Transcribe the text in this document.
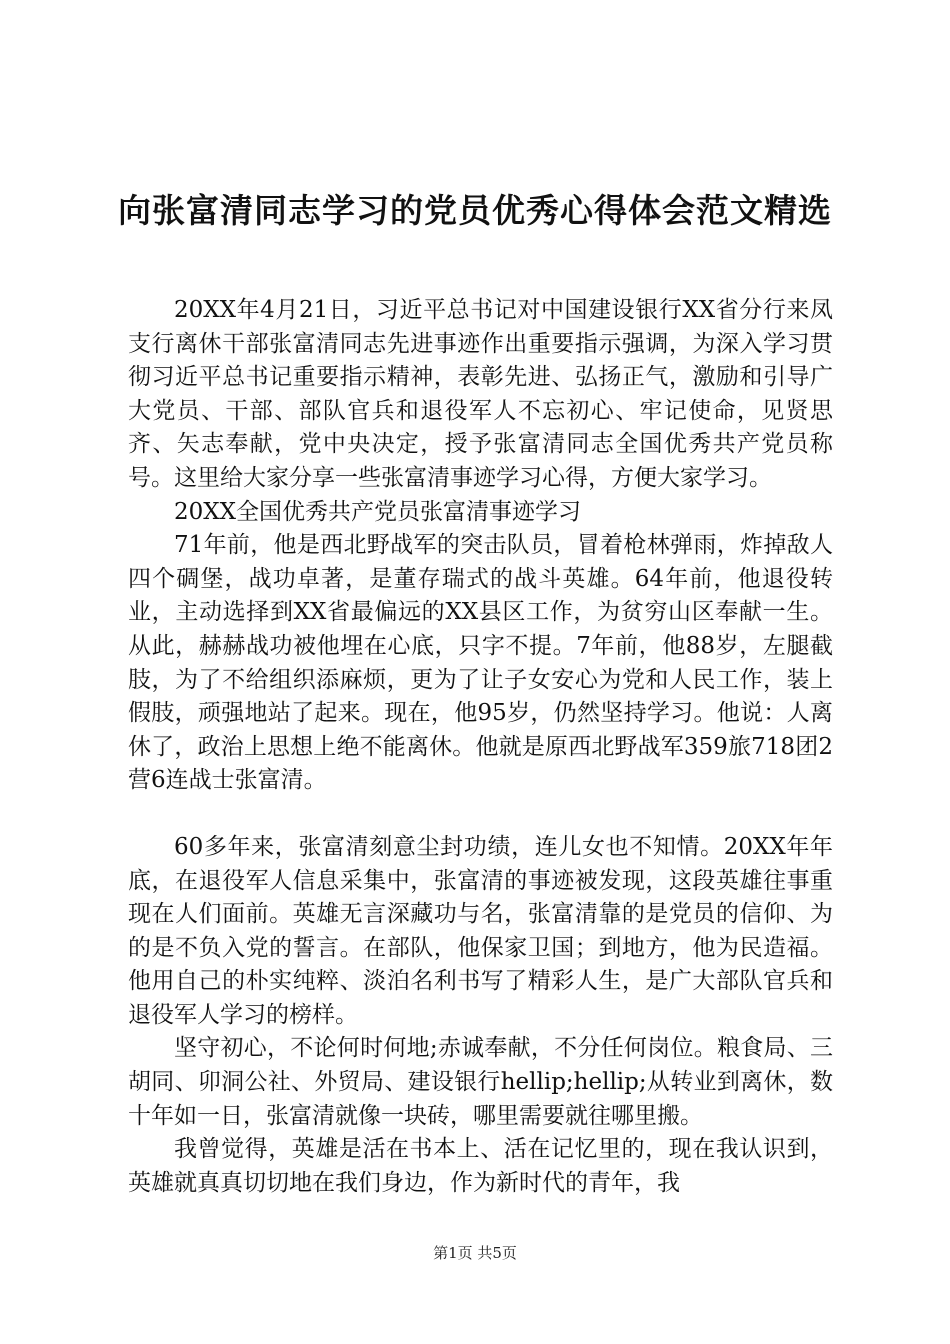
向张富清同志学习的党员优秀心得体会范文精选

20XX年4月21日，习近平总书记对中国建设银行XX省分行来凤支行离休干部张富清同志先进事迹作出重要指示强调，为深入学习贯彻习近平总书记重要指示精神，表彰先进、弘扬正气，激励和引导广大党员、干部、部队官兵和退役军人不忘初心、牢记使命，见贤思齐、矢志奉献，党中央决定，授予张富清同志全国优秀共产党员称号。这里给大家分享一些张富清事迹学习心得，方便大家学习。

20XX全国优秀共产党员张富清事迹学习

71年前，他是西北野战军的突击队员，冒着枪林弹雨，炸掉敌人四个碉堡，战功卓著，是董存瑞式的战斗英雄。64年前，他退役转业，主动选择到XX省最偏远的XX县区工作，为贫穷山区奉献一生。从此，赫赫战功被他埋在心底，只字不提。7年前，他88岁，左腿截肢，为了不给组织添麻烦，更为了让子女安心为党和人民工作，装上假肢，顽强地站了起来。现在，他95岁，仍然坚持学习。他说：人离休了，政治上思想上绝不能离休。他就是原西北野战军359旅718团2营6连战士张富清。

60多年来，张富清刻意尘封功绩，连儿女也不知情。20XX年年底，在退役军人信息采集中，张富清的事迹被发现，这段英雄往事重现在人们面前。英雄无言深藏功与名，张富清靠的是党员的信仰、为的是不负入党的誓言。在部队，他保家卫国；到地方，他为民造福。他用自己的朴实纯粹、淡泊名利书写了精彩人生，是广大部队官兵和退役军人学习的榜样。

坚守初心，不论何时何地;赤诚奉献，不分任何岗位。粮食局、三胡同、卯洞公社、外贸局、建设银行hellip;hellip;从转业到离休，数十年如一日，张富清就像一块砖，哪里需要就往哪里搬。

我曾觉得，英雄是活在书本上、活在记忆里的，现在我认识到，英雄就真真切切地在我们身边，作为新时代的青年，我

第1页 共5页
